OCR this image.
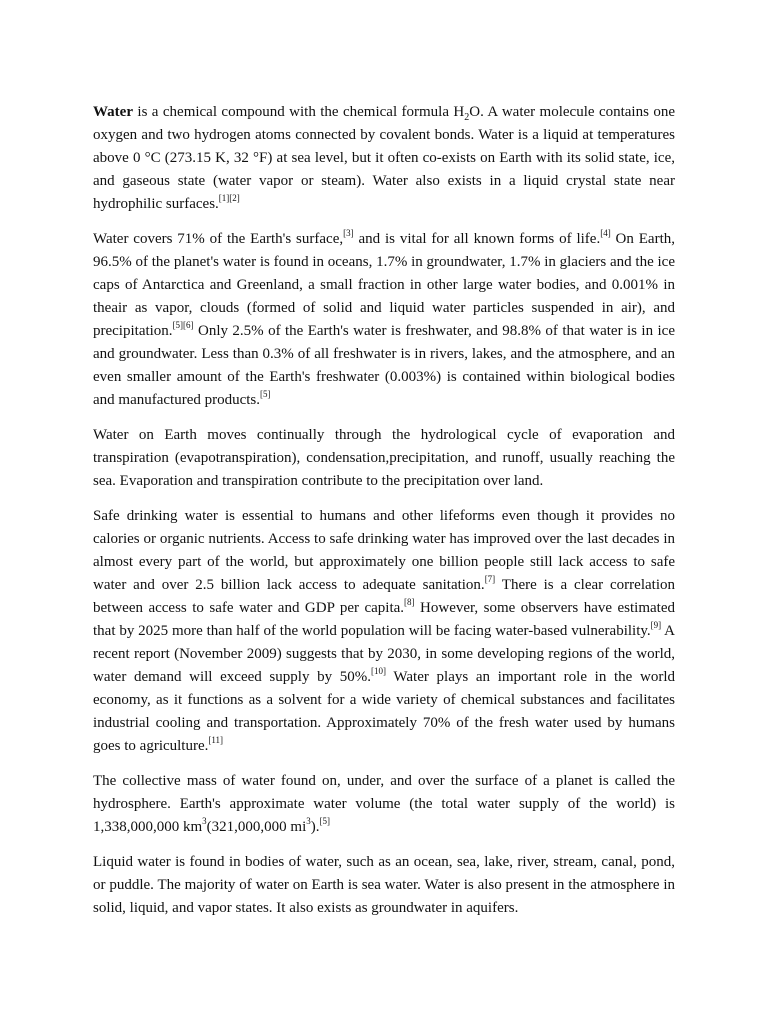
Water is a chemical compound with the chemical formula $H_2O$. A water molecule contains one oxygen and two hydrogen atoms connected by covalent bonds. Water is a liquid at temperatures above 0 °C (273.15 K, 32 °F) at sea level, but it often co-exists on Earth with its solid state, ice, and gaseous state (water vapor or steam). Water also exists in a liquid crystal state near hydrophilic surfaces.[1][2]

Water covers 71% of the Earth's surface,[3] and is vital for all known forms of life.[4] On Earth, 96.5% of the planet's water is found in oceans, 1.7% in groundwater, 1.7% in glaciers and the ice caps of Antarctica and Greenland, a small fraction in other large water bodies, and 0.001% in theair as vapor, clouds (formed of solid and liquid water particles suspended in air), and precipitation.[5][6] Only 2.5% of the Earth's water is freshwater, and 98.8% of that water is in ice and groundwater. Less than 0.3% of all freshwater is in rivers, lakes, and the atmosphere, and an even smaller amount of the Earth's freshwater (0.003%) is contained within biological bodies and manufactured products.[5]

Water on Earth moves continually through the hydrological cycle of evaporation and transpiration (evapotranspiration), condensation,precipitation, and runoff, usually reaching the sea. Evaporation and transpiration contribute to the precipitation over land.

Safe drinking water is essential to humans and other lifeforms even though it provides no calories or organic nutrients. Access to safe drinking water has improved over the last decades in almost every part of the world, but approximately one billion people still lack access to safe water and over 2.5 billion lack access to adequate sanitation.[7] There is a clear correlation between access to safe water and GDP per capita.[8] However, some observers have estimated that by 2025 more than half of the world population will be facing water-based vulnerability.[9] A recent report (November 2009) suggests that by 2030, in some developing regions of the world, water demand will exceed supply by 50%.[10] Water plays an important role in the world economy, as it functions as a solvent for a wide variety of chemical substances and facilitates industrial cooling and transportation. Approximately 70% of the fresh water used by humans goes to agriculture.[11]

The collective mass of water found on, under, and over the surface of a planet is called the hydrosphere. Earth's approximate water volume (the total water supply of the world) is 1,338,000,000 $km^3(321,000,000$ $mi^3).[5]$

Liquid water is found in bodies of water, such as an ocean, sea, lake, river, stream, canal, pond, or puddle. The majority of water on Earth is sea water. Water is also present in the atmosphere in solid, liquid, and vapor states. It also exists as groundwater in aquifers.
